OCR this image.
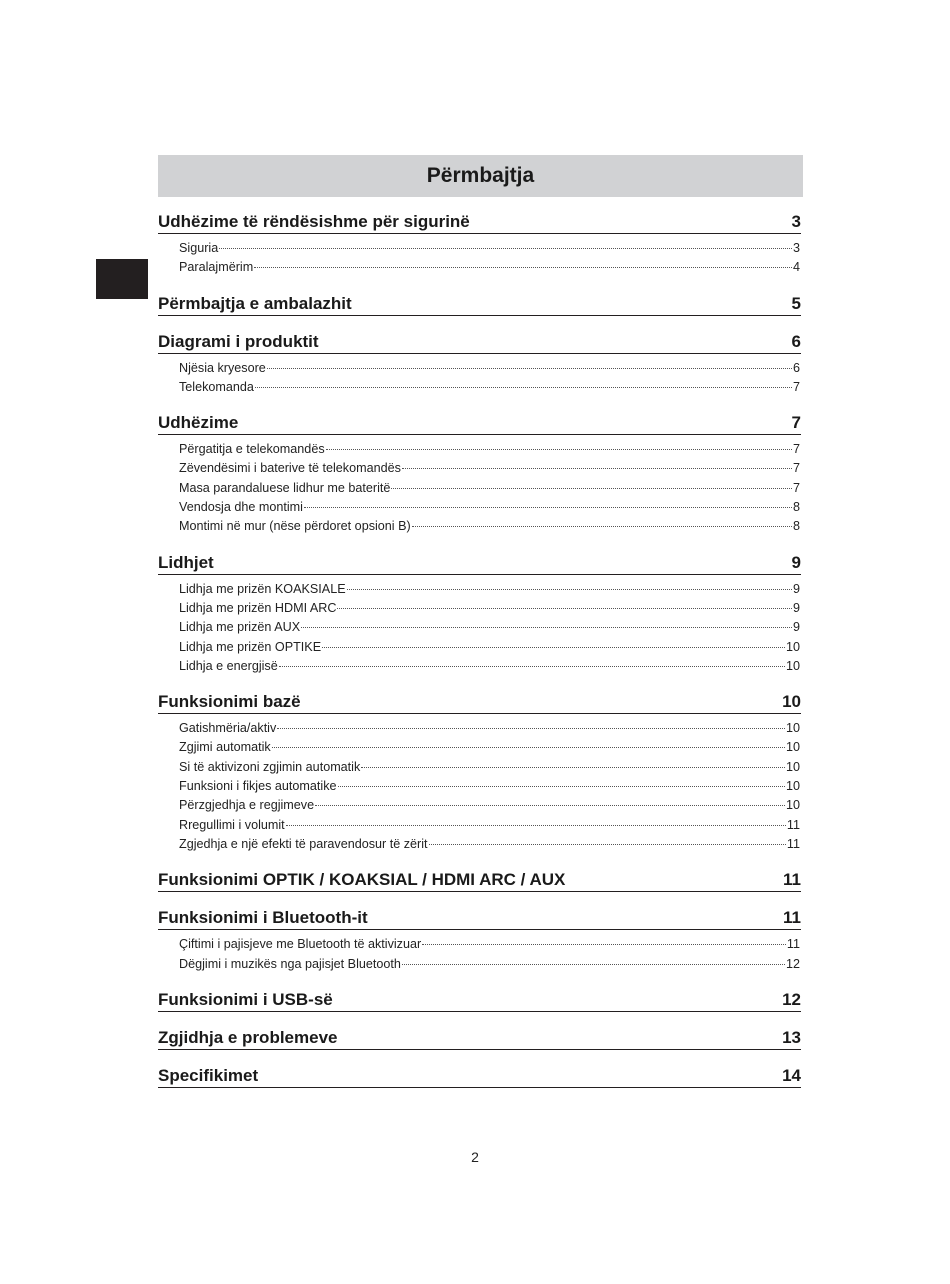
Përmbajtja
Udhëzime të rëndësishme për sigurinë	3
Siguria	3
Paralajmërim	4
Përmbajtja e ambalazhit	5
Diagrami i produktit	6
Njësia kryesore	6
Telekomanda	7
Udhëzime	7
Përgatitja e telekomandës	7
Zëvendësimi i baterive të telekomandës	7
Masa parandaluese lidhur me bateritë	7
Vendosja dhe montimi	8
Montimi në mur (nëse përdoret opsioni B)	8
Lidhjet	9
Lidhja me prizën KOAKSIALE	9
Lidhja me prizën HDMI ARC	9
Lidhja me prizën AUX	9
Lidhja me prizën OPTIKE	10
Lidhja e energjisë	10
Funksionimi bazë	10
Gatishmëria/aktiv	10
Zgjimi automatik	10
Si të aktivizoni zgjimin automatik	10
Funksioni i fikjes automatike	10
Përzgjedhja e regjimeve	10
Rregullimi i volumit	11
Zgjedhja e një efekti të paravendosur të zërit	11
Funksionimi OPTIK / KOAKSIAL / HDMI ARC / AUX	11
Funksionimi i Bluetooth-it	11
Çiftimi i pajisjeve me Bluetooth të aktivizuar	11
Dëgjimi i muzikës nga pajisjet Bluetooth	12
Funksionimi i USB-së	12
Zgjidhja e problemeve	13
Specifikimet	14
2
